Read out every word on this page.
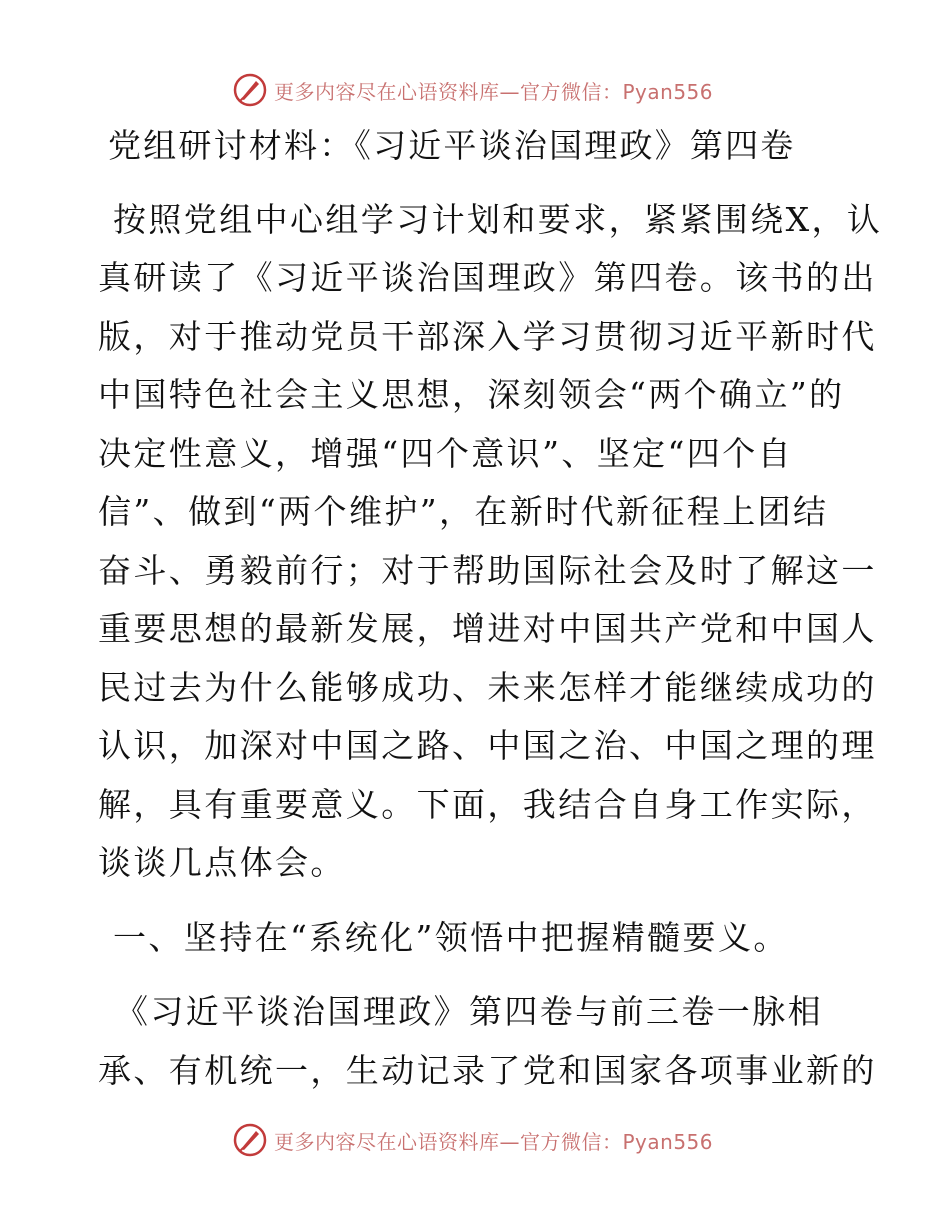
更多内容尽在心语资料库—官方微信：Pyan556
党组研讨材料：《习近平谈治国理政》第四卷
按照党组中心组学习计划和要求，紧紧围绕X，认
真研读了《习近平谈治国理政》第四卷。该书的出
版，对于推动党员干部深入学习贯彻习近平新时代
中国特色社会主义思想，深刻领会“两个确立”的
决定性意义，增强“四个意识”、坚定“四个自
信”、做到“两个维护”，在新时代新征程上团结
奋斗、勇毅前行；对于帮助国际社会及时了解这一
重要思想的最新发展，增进对中国共产党和中国人
民过去为什么能够成功、未来怎样才能继续成功的
认识，加深对中国之路、中国之治、中国之理的理
解，具有重要意义。下面，我结合自身工作实际，
谈谈几点体会。
一、坚持在“系统化”领悟中把握精髓要义。
《习近平谈治国理政》第四卷与前三卷一脉相
承、有机统一，生动记录了党和国家各项事业新的
更多内容尽在心语资料库—官方微信：Pyan556
